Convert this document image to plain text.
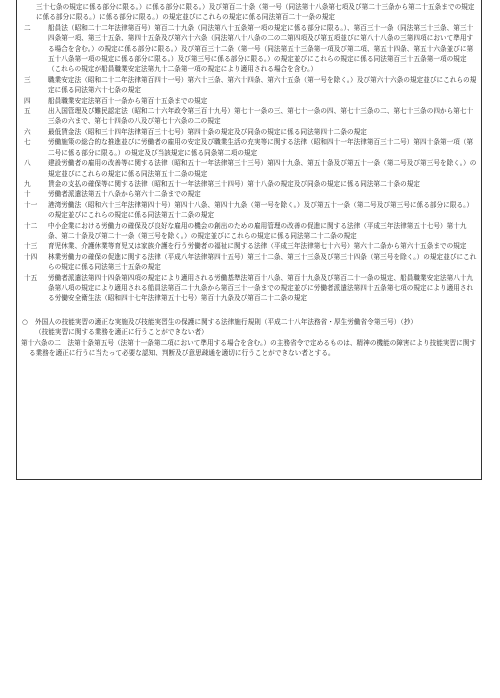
三十七条の規定に係る部分に限る。）に係る部分に限る。）及び第百二十条（第一号（同法第十八条第七項及び第二十三条から第二十五条までの規定に係る部分に限る。）に係る部分に限る。）の規定並びにこれらの規定に係る同法第百二十一条の規定
二	船員法（昭和二十二年法律第百号）第百二十九条（同法第八十五条第一項の規定に係る部分に限る。）、第百三十一条（同法第三十三条、第三十四条第一項、第三十五条、第四十五条及び第六十六条（同法第八十八条の二の二第四項及び第五項並びに第八十八条の三第四項において準用する場合を含む。）の規定に係る部分に限る。）及び第百三十二条（第一号（同法第五十三条第一項及び第二項、第五十四条、第五十六条並びに第五十八条第一項の規定に係る部分に限る。）及び第三号に係る部分に限る。）の規定並びにこれらの規定に係る同法第百三十五条第一項の規定（これらの規定が船員職業安定法第九十二条第一項の規定により適用される場合を含む。）
三	職業安定法（昭和二十二年法律第百四十一号）第六十三条、第六十四条、第六十五条（第一号を除く。）及び第六十六条の規定並びにこれらの規定に係る同法第六十七条の規定
四	船員職業安定法第百十一条から第百十五条までの規定
五	出入国管理及び難民認定法（昭和二十六年政令第三百十九号）第七十一条の三、第七十一条の四、第七十三条の二、第七十三条の四から第七十三条の六まで、第七十四条の八及び第七十六条の二の規定
六	最低賃金法（昭和三十四年法律第百三十七号）第四十条の規定及び同条の規定に係る同法第四十二条の規定
七	労働施策の総合的な推進並びに労働者の雇用の安定及び職業生活の充実等に関する法律（昭和四十一年法律第百三十二号）第四十条第一項（第二号に係る部分に限る。）の規定及び当該規定に係る同条第二項の規定
八	建設労働者の雇用の改善等に関する法律（昭和五十一年法律第三十三号）第四十九条、第五十条及び第五十一条（第二号及び第三号を除く。）の規定並びにこれらの規定に係る同法第五十二条の規定
九	賃金の支払の確保等に関する法律（昭和五十一年法律第三十四号）第十八条の規定及び同条の規定に係る同法第二十条の規定
十	労働者派遣法第五十八条から第六十二条までの規定
十一 港湾労働法（昭和六十三年法律第四十号）第四十八条、第四十九条（第一号を除く。）及び第五十一条（第二号及び第三号に係る部分に限る。）の規定並びにこれらの規定に係る同法第五十二条の規定
十二 中小企業における労働力の確保及び良好な雇用の機会の創出のための雇用管理の改善の促進に関する法律（平成三年法律第五十七号）第十九条、第二十条及び第二十一条（第三号を除く。）の規定並びにこれらの規定に係る同法第二十二条の規定
十三 育児休業、介護休業等育児又は家族介護を行う労働者の福祉に関する法律（平成三年法律第七十六号）第六十二条から第六十五条までの規定
十四 林業労働力の確保の促進に関する法律（平成八年法律第四十五号）第三十二条、第三十三条及び第三十四条（第三号を除く。）の規定並びにこれらの規定に係る同法第三十五条の規定
十五 労働者派遣法第四十四条第四項の規定により適用される労働基準法第百十八条、第百十九条及び第百二十一条の規定、船員職業安定法第八十九条第八項の規定により適用される船員法第百二十九条から第百三十一条までの規定並びに労働者派遣法第四十五条第七項の規定により適用される労働安全衛生法（昭和四十七年法律第五十七号）第百十九条及び第百二十二条の規定
○ 外国人の技能実習の適正な実施及び技能実習生の保護に関する法律施行規則（平成二十八年法務省・厚生労働省令第三号）（抄）
（技能実習に関する業務を適正に行うことができない者）
第十六条の二　法第十条第五号（法第十一条第二項において準用する場合を含む。）の主務省令で定めるものは、精神の機能の障害により技能実習に関する業務を適正に行うに当たって必要な認知、判断及び意思疎通を適切に行うことができない者とする。
